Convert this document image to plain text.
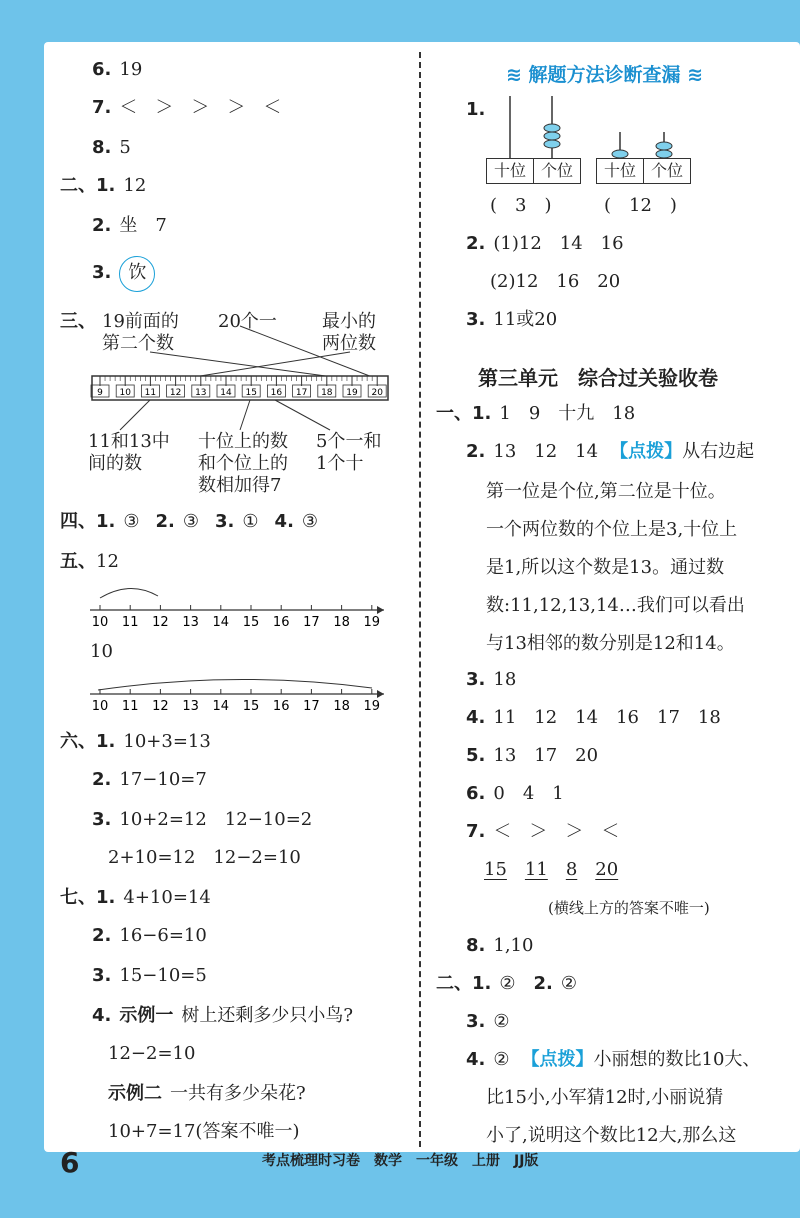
6. 19
7. ＜　＞　＞　＞　＜
8. 5
二、1. 12
2. 坐　7
3. 饮
三、 19前面的
第二个数
20个一	最小的
两位数
9 10 11 12 13 14 15 16 17 18 19 20
11和13中
间的数
十位上的数
和个位上的
数相加得7
5个一和
1个十
四、1. ③ 2. ③ 3. ① 4. ③
五、12
10 11 12 13 14 15 16 17 18 19
10 11 12 13 14 15 16 17 18 19
10
六、1. 10+3=13
2. 17−10=7
3. 10+2=12　12−10=2
2+10=12　12−2=10
七、1. 4+10=14
2. 16−6=10
3. 15−10=5
4. 示例一 树上还剩多少只小鸟?
12−2=10
示例二 一共有多少朵花?
10+7=17(答案不唯一)
≋ 解题方法诊断查漏 ≋
1.
十位 个位	十位 个位
(　3　)	(　12　)
2. (1)12　14　16
(2)12　16　20
3. 11或20
第三单元　综合过关验收卷
一、1. 1　9　十九　18
2. 13　12　14 【点拨】从右边起
第一位是个位,第二位是十位。
一个两位数的个位上是3,十位上
是1,所以这个数是13。通过数
数:11,12,13,14…我们可以看出
与13相邻的数分别是12和14。
3. 18
4. 11　12　14　16　17　18
5. 13　17　20
6. 0　4　1
7. ＜　＞　＞　＜
15 11 8 20
(横线上方的答案不唯一)
8. 1,10
二、1. ② 2. ②
3. ②
4. ② 【点拨】小丽想的数比10大、
比15小,小军猜12时,小丽说猜
小了,说明这个数比12大,那么这
6	考点梳理时习卷　数学　一年级　上册　JJ版
